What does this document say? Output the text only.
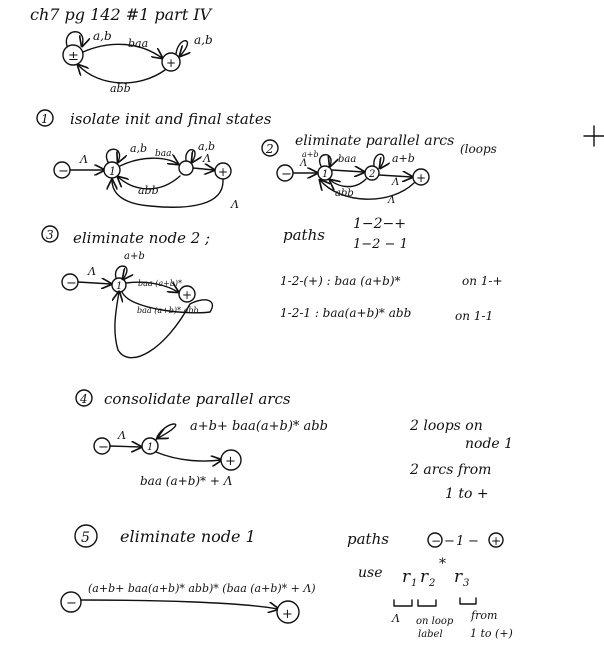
ch7 pg 142 #1 part IV
±
a,b
baa
+
a,b
abb
1 isolate init and final states
−
Λ
1
a,b baa
a,b
Λ
+
abb
Λ
2 eliminate parallel arcs (loops
−
Λ
1
a+b baa
2
a+b
Λ +
abb
Λ
3 eliminate node 2 ;	paths
1−2−+
1−2 − 1
−
Λ
1
a+b
baa (a+b)*
+
baa (a+b)* abb
1-2-(+) : baa (a+b)*	on 1-+
1-2-1 : baa(a+b)* abb	on 1-1
4 consolidate parallel arcs
−
Λ
1
a+b+ baa(a+b)* abb
+
baa (a+b)* + Λ
2 loops on
node 1
2 arcs from
1 to +
5 eliminate node 1	paths	− − 1 − +
use r 1 r 2
*
r 3
Λ on loop
label
from
1 to (+)
−
(a+b+ baa(a+b)* abb)* (baa (a+b)* + Λ)
+
